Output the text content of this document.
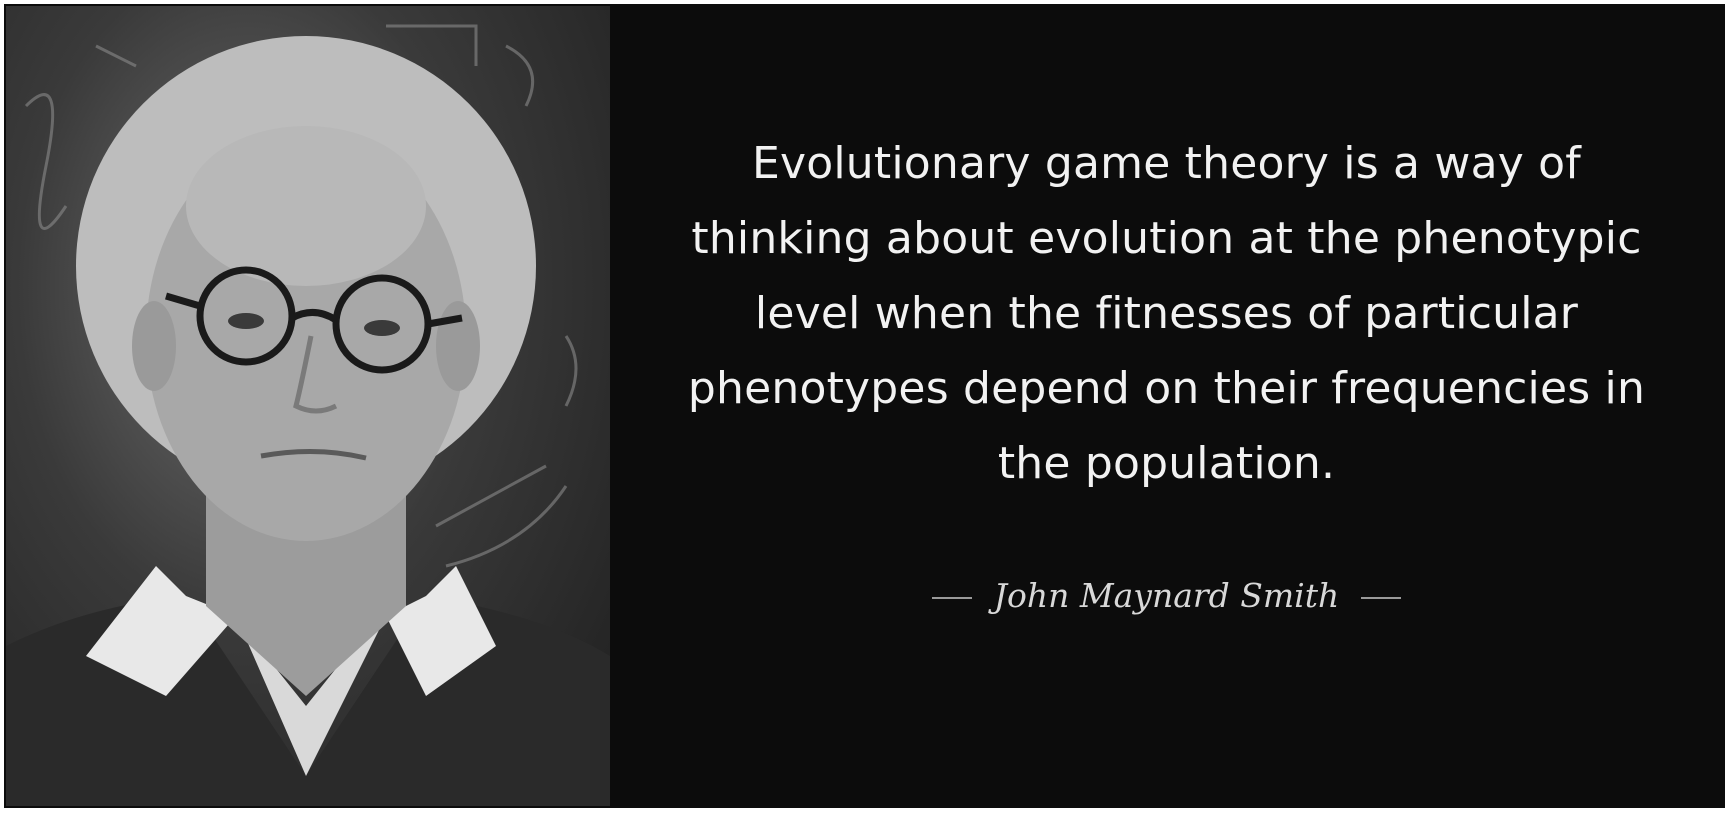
Evolutionary game theory is a way of thinking about evolution at the phenotypic level when the fitnesses of particular phenotypes depend on their frequencies in the population.

John Maynard Smith
